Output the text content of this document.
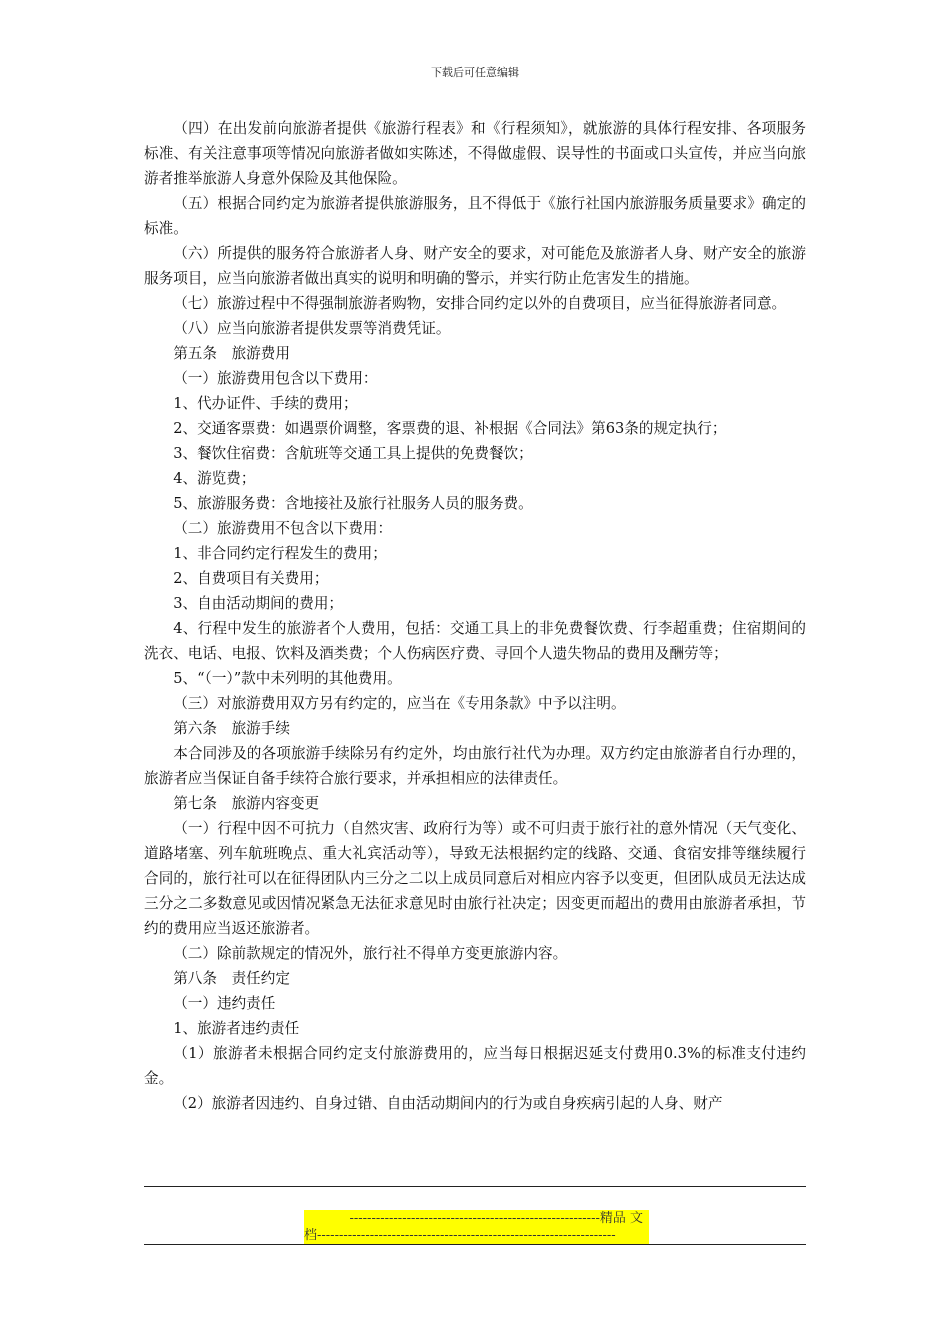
下载后可任意编辑

（四）在出发前向旅游者提供《旅游行程表》和《行程须知》，就旅游的具体行程安排、各项服务标准、有关注意事项等情况向旅游者做如实陈述，不得做虚假、误导性的书面或口头宣传，并应当向旅游者推举旅游人身意外保险及其他保险。

（五）根据合同约定为旅游者提供旅游服务，且不得低于《旅行社国内旅游服务质量要求》确定的标准。

（六）所提供的服务符合旅游者人身、财产安全的要求，对可能危及旅游者人身、财产安全的旅游服务项目，应当向旅游者做出真实的说明和明确的警示，并实行防止危害发生的措施。

（七）旅游过程中不得强制旅游者购物，安排合同约定以外的自费项目，应当征得旅游者同意。

（八）应当向旅游者提供发票等消费凭证。

第五条　旅游费用

（一）旅游费用包含以下费用：

1、代办证件、手续的费用；

2、交通客票费：如遇票价调整，客票费的退、补根据《合同法》第63条的规定执行；

3、餐饮住宿费：含航班等交通工具上提供的免费餐饮；

4、游览费；

5、旅游服务费：含地接社及旅行社服务人员的服务费。

（二）旅游费用不包含以下费用：

1、非合同约定行程发生的费用；

2、自费项目有关费用；

3、自由活动期间的费用；

4、行程中发生的旅游者个人费用，包括：交通工具上的非免费餐饮费、行李超重费；住宿期间的洗衣、电话、电报、饮料及酒类费；个人伤病医疗费、寻回个人遗失物品的费用及酬劳等；

5、“（一）”款中未列明的其他费用。

（三）对旅游费用双方另有约定的，应当在《专用条款》中予以注明。

第六条　旅游手续

本合同涉及的各项旅游手续除另有约定外，均由旅行社代为办理。双方约定由旅游者自行办理的，旅游者应当保证自备手续符合旅行要求，并承担相应的法律责任。

第七条　旅游内容变更

（一）行程中因不可抗力（自然灾害、政府行为等）或不可归责于旅行社的意外情况（天气变化、道路堵塞、列车航班晚点、重大礼宾活动等），导致无法根据约定的线路、交通、食宿安排等继续履行合同的，旅行社可以在征得团队内三分之二以上成员同意后对相应内容予以变更，但团队成员无法达成三分之二多数意见或因情况紧急无法征求意见时由旅行社决定；因变更而超出的费用由旅游者承担，节约的费用应当返还旅游者。

（二）除前款规定的情况外，旅行社不得单方变更旅游内容。

第八条　责任约定

（一）违约责任

1、旅游者违约责任

（1）旅游者未根据合同约定支付旅游费用的，应当每日根据迟延支付费用0.3%的标准支付违约金。

（2）旅游者因违约、自身过错、自由活动期间内的行为或自身疾病引起的人身、财产

---------------------------------------------------------精品 文
档--------------------------------------------------------------------
